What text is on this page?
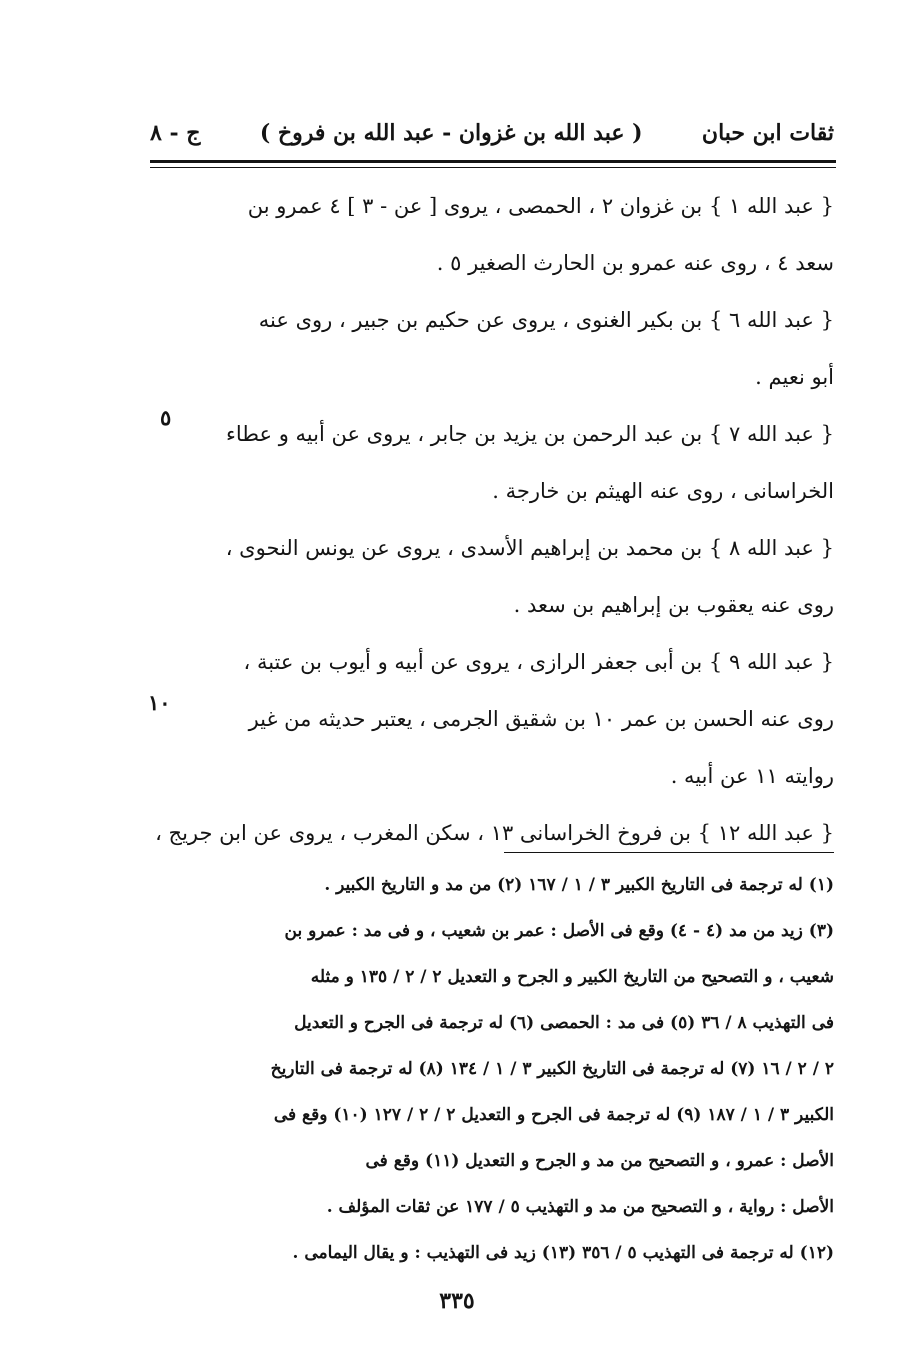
ثقات ابن حبان
( عبد الله بن غزوان - عبد الله بن فروخ )
ج - ٨
{ عبد الله ١ } بن غزوان ٢ ، الحمصى ، يروى [ عن - ٣ ] ٤ عمرو بن
سعد ٤ ، روى عنه عمرو بن الحارث الصغير ٥ .
{ عبد الله ٦ } بن بكير الغنوى ، يروى عن حكيم بن جبير ، روى عنه
أبو نعيم .
{ عبد الله ٧ } بن عبد الرحمن بن يزيد بن جابر ، يروى عن أبيه و عطاء
الخراسانى ، روى عنه الهيثم بن خارجة .
{ عبد الله ٨ } بن محمد بن إبراهيم الأسدى ، يروى عن يونس النحوى ،
روى عنه يعقوب بن إبراهيم بن سعد .
{ عبد الله ٩ } بن أبى جعفر الرازى ، يروى عن أبيه و أيوب بن عتبة ،
روى عنه الحسن بن عمر ١٠ بن شقيق الجرمى ، يعتبر حديثه من غير
روايته ١١ عن أبيه .
{ عبد الله ١٢ } بن فروخ الخراسانى ١٣ ، سكن المغرب ، يروى عن ابن جريج ،
٥
١٠
(١) له ترجمة فى التاريخ الكبير ٣ / ١ / ١٦٧ (٢) من مد و التاريخ الكبير .
(٣) زيد من مد (٤ - ٤) وقع فى الأصل : عمر بن شعيب ، و فى مد : عمرو بن
شعيب ، و التصحيح من التاريخ الكبير و الجرح و التعديل ٢ / ٢ / ١٣٥ و مثله
فى التهذيب ٨ / ٣٦ (٥) فى مد : الحمصى (٦) له ترجمة فى الجرح و التعديل
٢ / ٢ / ١٦ (٧) له ترجمة فى التاريخ الكبير ٣ / ١ / ١٣٤ (٨) له ترجمة فى التاريخ
الكبير ٣ / ١ / ١٨٧ (٩) له ترجمة فى الجرح و التعديل ٢ / ٢ / ١٢٧ (١٠) وقع فى
الأصل : عمرو ، و التصحيح من مد و الجرح و التعديل (١١) وقع فى
الأصل : رواية ، و التصحيح من مد و التهذيب ٥ / ١٧٧ عن ثقات المؤلف .
(١٢) له ترجمة فى التهذيب ٥ / ٣٥٦ (١٣) زيد فى التهذيب : و يقال اليمامى .
٣٣٥
